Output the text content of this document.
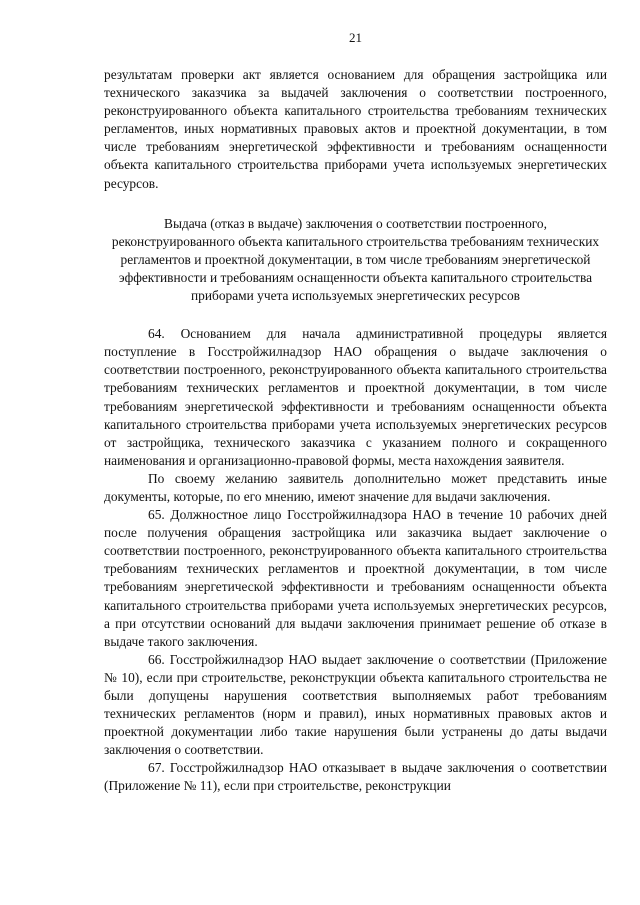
21

результатам проверки акт является основанием для обращения застройщика или технического заказчика за выдачей заключения о соответствии построенного, реконструированного объекта капитального строительства требованиям технических регламентов, иных нормативных правовых актов и проектной документации, в том числе требованиям энергетической эффективности и требованиям оснащенности объекта капитального строительства приборами учета используемых энергетических ресурсов.

Выдача (отказ в выдаче) заключения о соответствии построенного, реконструированного объекта капитального строительства требованиям технических регламентов и проектной документации, в том числе требованиям энергетической эффективности и требованиям оснащенности объекта капитального строительства приборами учета используемых энергетических ресурсов

64. Основанием для начала административной процедуры является поступление в Госстройжилнадзор НАО обращения о выдаче заключения о соответствии построенного, реконструированного объекта капитального строительства требованиям технических регламентов и проектной документации, в том числе требованиям энергетической эффективности и требованиям оснащенности объекта капитального строительства приборами учета используемых энергетических ресурсов от застройщика, технического заказчика с указанием полного и сокращенного наименования и организационно-правовой формы, места нахождения заявителя.

По своему желанию заявитель дополнительно может представить иные документы, которые, по его мнению, имеют значение для выдачи заключения.

65. Должностное лицо Госстройжилнадзора НАО в течение 10 рабочих дней после получения обращения застройщика или заказчика выдает заключение о соответствии построенного, реконструированного объекта капитального строительства требованиям технических регламентов и проектной документации, в том числе требованиям энергетической эффективности и требованиям оснащенности объекта капитального строительства приборами учета используемых энергетических ресурсов, а при отсутствии оснований для выдачи заключения принимает решение об отказе в выдаче такого заключения.

66. Госстройжилнадзор НАО выдает заключение о соответствии (Приложение № 10), если при строительстве, реконструкции объекта капитального строительства не были допущены нарушения соответствия выполняемых работ требованиям технических регламентов (норм и правил), иных нормативных правовых актов и проектной документации либо такие нарушения были устранены до даты выдачи заключения о соответствии.

67. Госстройжилнадзор НАО отказывает в выдаче заключения о соответствии (Приложение № 11), если при строительстве, реконструкции
